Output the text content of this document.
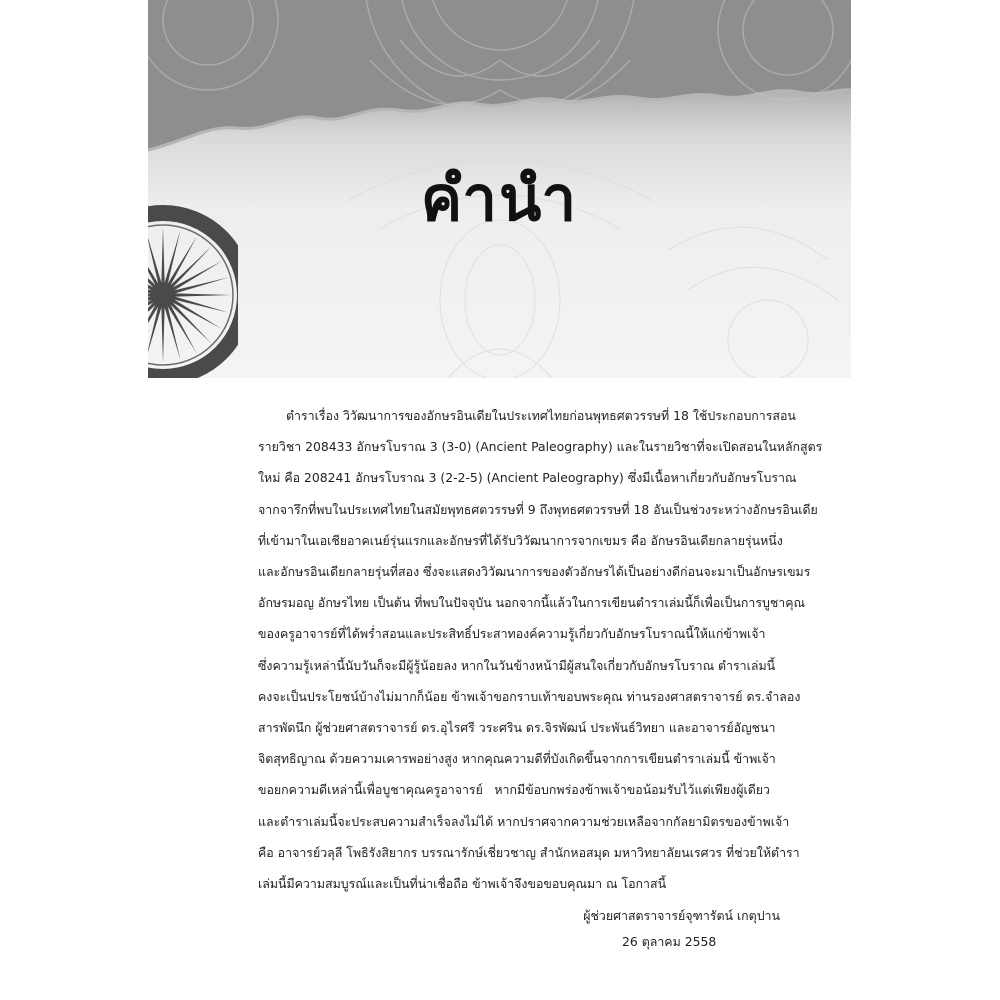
คำนำ
ตำราเรื่อง วิวัฒนาการของอักษรอินเดียในประเทศไทยก่อนพุทธศตวรรษที่ 18 ใช้ประกอบการสอน
รายวิชา 208433 อักษรโบราณ 3 (3-0) (Ancient Paleography) และในรายวิชาที่จะเปิดสอนในหลักสูตร
ใหม่ คือ 208241 อักษรโบราณ 3 (2-2-5) (Ancient Paleography) ซึ่งมีเนื้อหาเกี่ยวกับอักษรโบราณ
จากจารึกที่พบในประเทศไทยในสมัยพุทธศตวรรษที่ 9 ถึงพุทธศตวรรษที่ 18 อันเป็นช่วงระหว่างอักษรอินเดีย
ที่เข้ามาในเอเชียอาคเนย์รุ่นแรกและอักษรที่ได้รับวิวัฒนาการจากเขมร คือ อักษรอินเดียกลายรุ่นหนึ่ง
และอักษรอินเดียกลายรุ่นที่สอง ซึ่งจะแสดงวิวัฒนาการของตัวอักษรได้เป็นอย่างดีก่อนจะมาเป็นอักษรเขมร
อักษรมอญ อักษรไทย เป็นต้น ที่พบในปัจจุบัน นอกจากนี้แล้วในการเขียนตำราเล่มนี้ก็เพื่อเป็นการบูชาคุณ
ของครูอาจารย์ที่ได้พร่ำสอนและประสิทธิ์ประสาทองค์ความรู้เกี่ยวกับอักษรโบราณนี้ให้แก่ข้าพเจ้า
ซึ่งความรู้เหล่านี้นับวันก็จะมีผู้รู้น้อยลง หากในวันข้างหน้ามีผู้สนใจเกี่ยวกับอักษรโบราณ ตำราเล่มนี้
คงจะเป็นประโยชน์บ้างไม่มากก็น้อย ข้าพเจ้าขอกราบเท้าขอบพระคุณ ท่านรองศาสตราจารย์ ดร.จำลอง
สารพัดนึก ผู้ช่วยศาสตราจารย์ ดร.อุไรศรี วระศริน ดร.จิรพัฒน์ ประพันธ์วิทยา และอาจารย์อัญชนา
จิตสุทธิญาณ ด้วยความเคารพอย่างสูง หากคุณความดีที่บังเกิดขึ้นจากการเขียนตำราเล่มนี้ ข้าพเจ้า
ขอยกความดีเหล่านี้เพื่อบูชาคุณครูอาจารย์ หากมีข้อบกพร่องข้าพเจ้าขอน้อมรับไว้แต่เพียงผู้เดียว
และตำราเล่มนี้จะประสบความสำเร็จลงไม่ได้ หากปราศจากความช่วยเหลือจากกัลยามิตรของข้าพเจ้า
คือ อาจารย์วลุลี โพธิรังสิยากร บรรณารักษ์เชี่ยวชาญ สำนักหอสมุด มหาวิทยาลัยนเรศวร ที่ช่วยให้ตำรา
เล่มนี้มีความสมบูรณ์และเป็นที่น่าเชื่อถือ ข้าพเจ้าจึงขอขอบคุณมา ณ โอกาสนี้
ผู้ช่วยศาสตราจารย์จุฑารัตน์ เกตุปาน
26 ตุลาคม 2558
